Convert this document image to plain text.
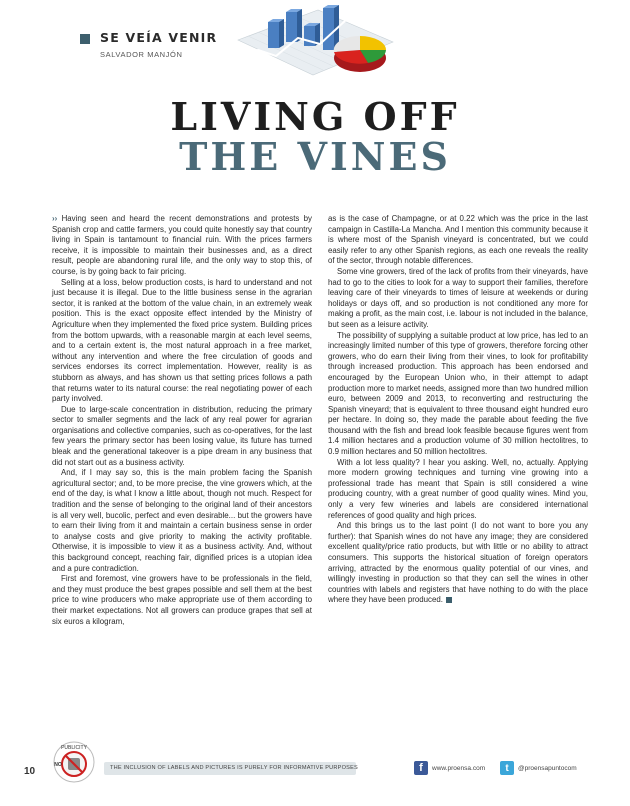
SE VEÍA VENIR
SALVADOR MANJÓN
LIVING OFF
THE VINES

›› Having seen and heard the recent demonstrations and protests by Spanish crop and cattle farmers, you could quite honestly say that country living in Spain is tantamount to financial ruin. With the prices farmers receive, it is impossible to maintain their businesses and, as a direct result, people are abandoning rural life, and the only way to stop this, of course, is by going back to fair pricing.

Selling at a loss, below production costs, is hard to understand and not just because it is illegal. Due to the little business sense in the agrarian sector, it is ranked at the bottom of the value chain, in an extremely weak position. This is the exact opposite effect intended by the Ministry of Agriculture when they implemented the fixed price system. Building prices from the bottom upwards, with a reasonable margin at each level seems, and to a certain extent is, the most natural approach in a free market, without any intervention and where the free circulation of goods and services endorses its correct implementation. However, reality is as stubborn as always, and has shown us that setting prices follows a path that returns water to its natural course: the real negotiating power of each party involved.

Due to large-scale concentration in distribution, reducing the primary sector to smaller segments and the lack of any real power for agrarian organisations and collective companies, such as co-operatives, for the last few years the primary sector has been losing value, its future has turned bleak and the generational takeover is a pipe dream in any business that did not start out as a business activity.

And, if I may say so, this is the main problem facing the Spanish agricultural sector; and, to be more precise, the vine growers which, at the end of the day, is what I know a little about, though not much. Respect for tradition and the sense of belonging to the original land of their ancestors is all very well, bucolic, perfect and even desirable... but the growers have to earn their living from it and maintain a certain business sense in order to analyse costs and give priority to making the activity profitable. Otherwise, it is impossible to view it as a business activity. And, without this background concept, reaching fair, dignified prices is a utopian idea and a pure contradiction.

First and foremost, vine growers have to be professionals in the field, and they must produce the best grapes possible and sell them at the best price to wine producers who make appropriate use of them according to their market expectations. Not all growers can produce grapes that sell at six euros a kilogram,

as is the case of Champagne, or at 0.22 which was the price in the last campaign in Castilla-La Mancha. And I mention this community because it is where most of the Spanish vineyard is concentrated, but we could easily refer to any other Spanish regions, as each one reveals the reality of the sector, through notable differences.

Some vine growers, tired of the lack of profits from their vineyards, have had to go to the cities to look for a way to support their families, therefore leaving care of their vineyards to times of leisure at weekends or during holidays or days off, and so production is not conditioned any more for making a profit, as the main cost, i.e. labour is not included in the balance, but seen as a leisure activity.

The possibility of supplying a suitable product at low price, has led to an increasingly limited number of this type of growers, therefore forcing other growers, who do earn their living from their vines, to look for profitability through increased production. This approach has been endorsed and encouraged by the European Union who, in their attempt to adapt production more to market needs, assigned more than two hundred million euro, between 2009 and 2013, to reconverting and restructuring the Spanish vineyard; that is equivalent to three thousand eight hundred euro per hectare. In doing so, they made the parable about feeding the five thousand with the fish and bread look feasible because figures went from 1.4 million hectares and a production volume of 30 million hectolitres, to 0.9 million hectares and 50 million hectolitres.

With a lot less quality? I hear you asking. Well, no, actually. Applying more modern growing techniques and turning vine growing into a professional trade has meant that Spain is still considered a wine producing country, with a great number of good quality wines. Mind you, only a very few wineries and labels are considered international references of good quality and high prices.

And this brings us to the last point (I do not want to bore you any further): that Spanish wines do not have any image; they are considered excellent quality/price ratio products, but with little or no ability to attract consumers. This supports the historical situation of foreign operators arriving, attracted by the enormous quality potential of our vines, and willingly investing in production so that they can sell the wines in other countries with labels and registers that have nothing to do with the place where they have been produced.

10
PUBLICITY
NO	THE INCLUSION OF LABELS AND PICTURES IS PURELY FOR INFORMATIVE PURPOSES	f	www.proensa.com	t	@proensapuntocom
